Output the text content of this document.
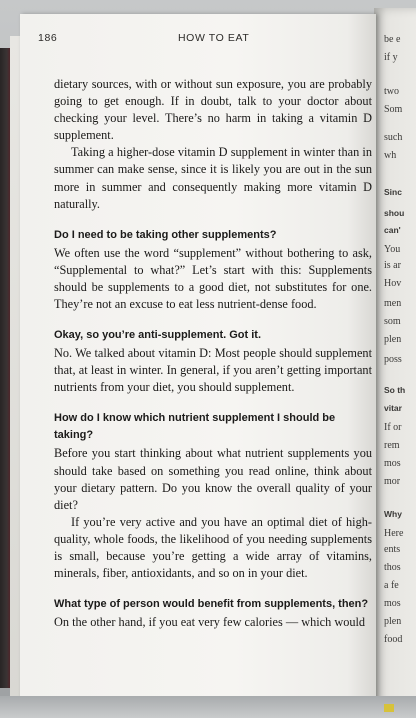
be e
if y
two
Som
such
wh
Sinc
shou
can'
You
is ar
Hov
men
som
plen
poss
So th
vitar
If or
rem
mos
mor
Why
Here
ents
thos
a fe
mos
plen
food
186	HOW TO EAT

dietary sources, with or without sun exposure, you are probably going to get enough. If in doubt, talk to your doctor about checking your level. There’s no harm in taking a vitamin D supplement.

Taking a higher-dose vitamin D supplement in winter than in summer can make sense, since it is likely you are out in the sun more in summer and consequently making more vitamin D naturally.

Do I need to be taking other supplements?

We often use the word “supplement” without bothering to ask, “Supplemental to what?” Let’s start with this: Supplements should be supplements to a good diet, not substitutes for one. They’re not an excuse to eat less nutrient-dense food.

Okay, so you’re anti-supplement. Got it.

No. We talked about vitamin D: Most people should supplement that, at least in winter. In general, if you aren’t getting important nutrients from your diet, you should supplement.

How do I know which nutrient supplement I should be taking?

Before you start thinking about what nutrient supplements you should take based on something you read online, think about your dietary pattern. Do you know the overall quality of your diet?

If you’re very active and you have an optimal diet of high-quality, whole foods, the likelihood of you needing supplements is small, because you’re getting a wide array of vitamins, minerals, fiber, antioxidants, and so on in your diet.

What type of person would benefit from supplements, then?

On the other hand, if you eat very few calories — which would
